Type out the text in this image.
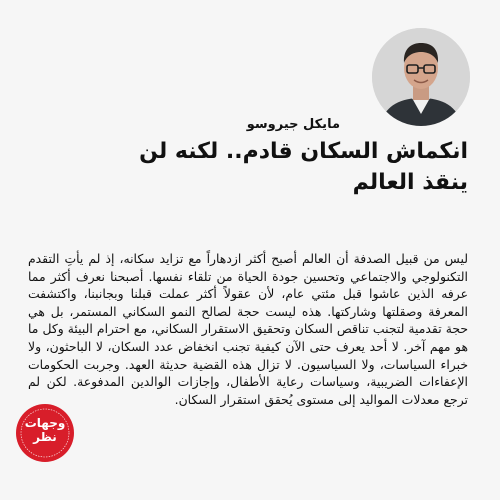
مايكل جيروسو
انكماش السكان قادم.. لكنه لن ينقذ العالم

ليس من قبيل الصدفة أن العالم أصبح أكثر ازدهاراً مع تزايد سكانه، إذ لم يأتِ التقدم التكنولوجي والاجتماعي وتحسين جودة الحياة من تلقاء نفسها. أصبحنا نعرف أكثر مما عرفه الذين عاشوا قبل مئتي عام، لأن عقولاً أكثر عملت قبلنا وبجانبنا، واكتشفت المعرفة وصقلتها وشاركتها. هذه ليست حجة لصالح النمو السكاني المستمر، بل هي حجة تقدمية لتجنب تناقص السكان وتحقيق الاستقرار السكاني، مع احترام البيئة وكل ما هو مهم آخر. لا أحد يعرف حتى الآن كيفية تجنب انخفاض عدد السكان، لا الباحثون، ولا خبراء السياسات، ولا السياسيون. لا تزال هذه القضية حديثة العهد. وجربت الحكومات الإعفاءات الضريبية، وسياسات رعاية الأطفال، وإجازات الوالدين المدفوعة. لكن لم ترجع معدلات المواليد إلى مستوى يُحقق استقرار السكان.

وجهات نظر
